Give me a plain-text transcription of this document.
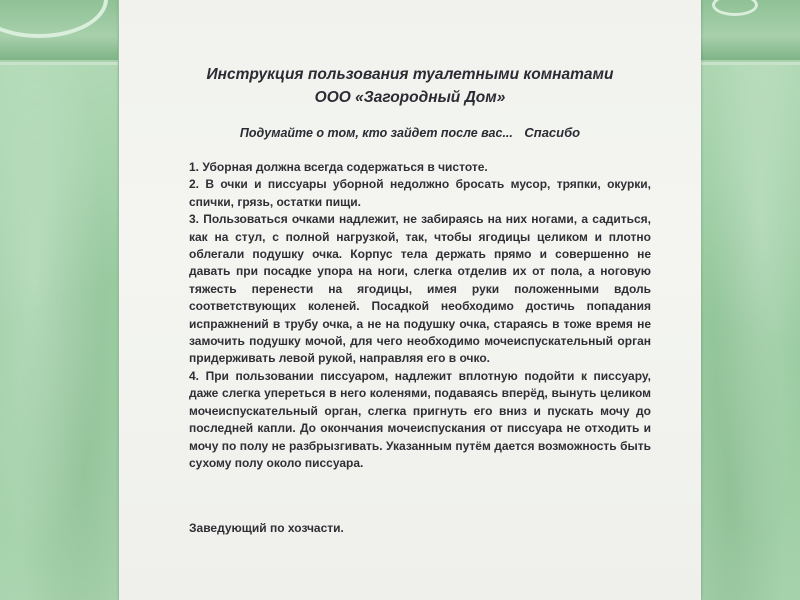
Инструкция пользования туалетными комнатами
ООО «Загородный Дом»
Подумайте о том, кто зайдет после вас... Спасибо

1. Уборная должна всегда содержаться в чистоте.

2. В очки и писсуары уборной недолжно бросать мусор, тряпки, окурки, спички, грязь, остатки пищи.

3. Пользоваться очками надлежит, не забираясь на них ногами, а садиться, как на стул, с полной нагрузкой, так, чтобы ягодицы целиком и плотно облегали подушку очка. Корпус тела держать прямо и совершенно не давать при посадке упора на ноги, слегка отделив их от пола, а ноговую тяжесть перенести на ягодицы, имея руки положенными вдоль соответствующих коленей. Посадкой необходимо достичь попадания испражнений в трубу очка, а не на подушку очка, стараясь в тоже время не замочить подушку мочой, для чего необходимо мочеиспускательный орган придерживать левой рукой, направляя его в очко.

4. При пользовании писсуаром, надлежит вплотную подойти к писсуару, даже слегка упереться в него коленями, подаваясь вперёд, вынуть целиком мочеиспускательный орган, слегка пригнуть его вниз и пускать мочу до последней капли. До окончания мочеиспускания от писсуара не отходить и мочу по полу не разбрызгивать. Указанным путём дается возможность быть сухому полу около писсуара.

Заведующий по хозчасти.
